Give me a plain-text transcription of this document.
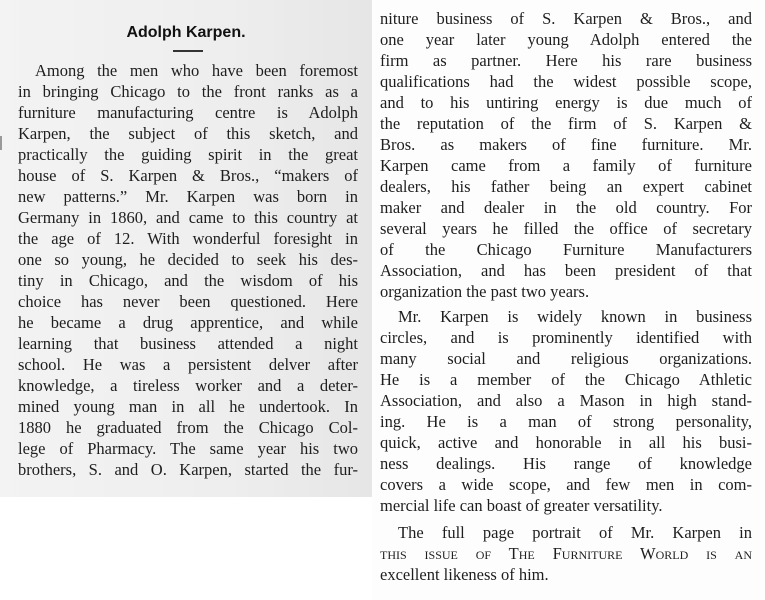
Adolph Karpen.
Among the men who have been foremost
in bringing Chicago to the front ranks as a
furniture manufacturing centre is Adolph
Karpen, the subject of this sketch, and
practically the guiding spirit in the great
house of S. Karpen & Bros., “makers of
new patterns.” Mr. Karpen was born in
Germany in 1860, and came to this country at
the age of 12. With wonderful foresight in
one so young, he decided to seek his des-
tiny in Chicago, and the wisdom of his
choice has never been questioned. Here
he became a drug apprentice, and while
learning that business attended a night
school. He was a persistent delver after
knowledge, a tireless worker and a deter-
mined young man in all he undertook. In
1880 he graduated from the Chicago Col-
lege of Pharmacy. The same year his two
brothers, S. and O. Karpen, started the fur-
niture business of S. Karpen & Bros., and
one year later young Adolph entered the
firm as partner. Here his rare business
qualifications had the widest possible scope,
and to his untiring energy is due much of
the reputation of the firm of S. Karpen &
Bros. as makers of fine furniture. Mr.
Karpen came from a family of furniture
dealers, his father being an expert cabinet
maker and dealer in the old country. For
several years he filled the office of secretary
of the Chicago Furniture Manufacturers
Association, and has been president of that
organization the past two years.
Mr. Karpen is widely known in business
circles, and is prominently identified with
many social and religious organizations.
He is a member of the Chicago Athletic
Association, and also a Mason in high stand-
ing. He is a man of strong personality,
quick, active and honorable in all his busi-
ness dealings. His range of knowledge
covers a wide scope, and few men in com-
mercial life can boast of greater versatility.
The full page portrait of Mr. Karpen in
this issue of The Furniture World is an
excellent likeness of him.
